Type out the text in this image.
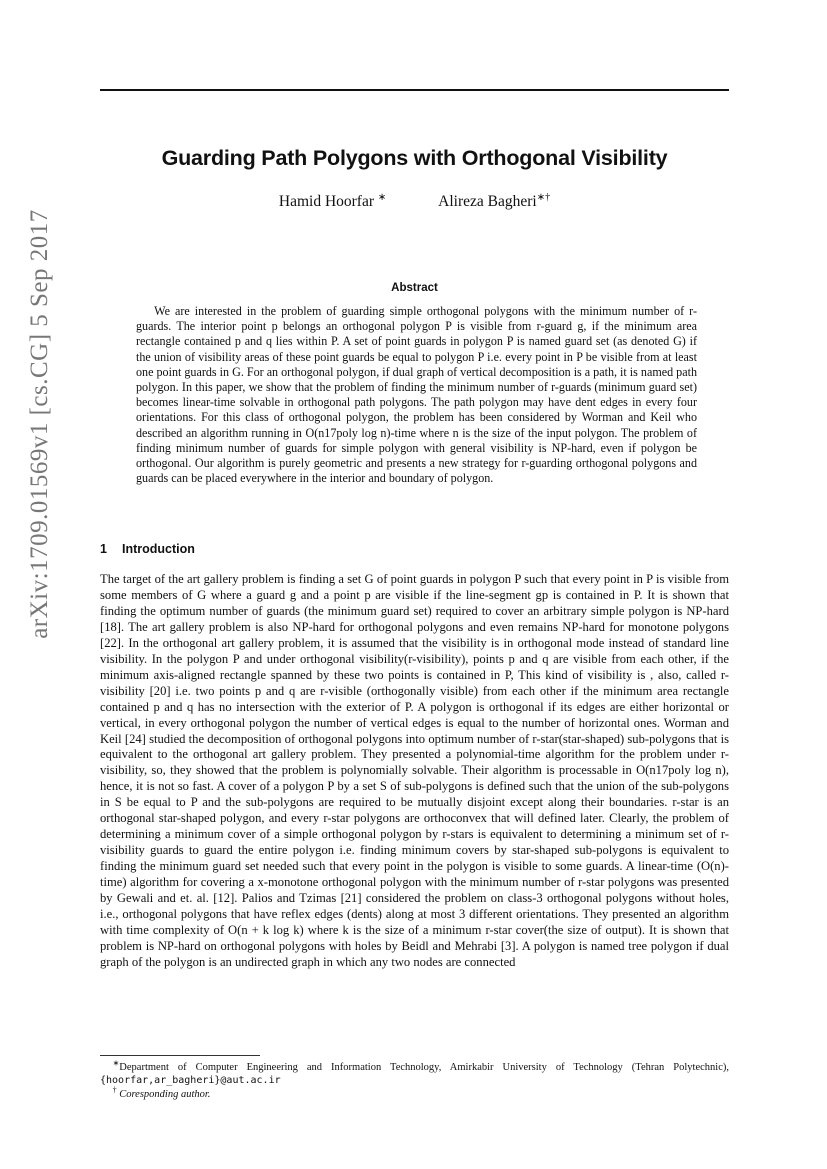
arXiv:1709.01569v1 [cs.CG] 5 Sep 2017
Guarding Path Polygons with Orthogonal Visibility
Hamid Hoorfar ∗	Alireza Bagheri∗†
Abstract

We are interested in the problem of guarding simple orthogonal polygons with the minimum number of r-guards. The interior point p belongs an orthogonal polygon P is visible from r-guard g, if the minimum area rectangle contained p and q lies within P. A set of point guards in polygon P is named guard set (as denoted G) if the union of visibility areas of these point guards be equal to polygon P i.e. every point in P be visible from at least one point guards in G. For an orthogonal polygon, if dual graph of vertical decomposition is a path, it is named path polygon. In this paper, we show that the problem of finding the minimum number of r-guards (minimum guard set) becomes linear-time solvable in orthogonal path polygons. The path polygon may have dent edges in every four orientations. For this class of orthogonal polygon, the problem has been considered by Worman and Keil who described an algorithm running in O(n17poly log n)-time where n is the size of the input polygon. The problem of finding minimum number of guards for simple polygon with general visibility is NP-hard, even if polygon be orthogonal. Our algorithm is purely geometric and presents a new strategy for r-guarding orthogonal polygons and guards can be placed everywhere in the interior and boundary of polygon.

1 Introduction

The target of the art gallery problem is finding a set G of point guards in polygon P such that every point in P is visible from some members of G where a guard g and a point p are visible if the line-segment gp is contained in P. It is shown that finding the optimum number of guards (the minimum guard set) required to cover an arbitrary simple polygon is NP-hard [18]. The art gallery problem is also NP-hard for orthogonal polygons and even remains NP-hard for monotone polygons [22]. In the orthogonal art gallery problem, it is assumed that the visibility is in orthogonal mode instead of standard line visibility. In the polygon P and under orthogonal visibility(r-visibility), points p and q are visible from each other, if the minimum axis-aligned rectangle spanned by these two points is contained in P, This kind of visibility is , also, called r-visibility [20] i.e. two points p and q are r-visible (orthogonally visible) from each other if the minimum area rectangle contained p and q has no intersection with the exterior of P. A polygon is orthogonal if its edges are either horizontal or vertical, in every orthogonal polygon the number of vertical edges is equal to the number of horizontal ones. Worman and Keil [24] studied the decomposition of orthogonal polygons into optimum number of r-star(star-shaped) sub-polygons that is equivalent to the orthogonal art gallery problem. They presented a polynomial-time algorithm for the problem under r-visibility, so, they showed that the problem is polynomially solvable. Their algorithm is processable in O(n17poly log n), hence, it is not so fast. A cover of a polygon P by a set S of sub-polygons is defined such that the union of the sub-polygons in S be equal to P and the sub-polygons are required to be mutually disjoint except along their boundaries. r-star is an orthogonal star-shaped polygon, and every r-star polygons are orthoconvex that will defined later. Clearly, the problem of determining a minimum cover of a simple orthogonal polygon by r-stars is equivalent to determining a minimum set of r-visibility guards to guard the entire polygon i.e. finding minimum covers by star-shaped sub-polygons is equivalent to finding the minimum guard set needed such that every point in the polygon is visible to some guards. A linear-time (O(n)-time) algorithm for covering a x-monotone orthogonal polygon with the minimum number of r-star polygons was presented by Gewali and et. al. [12]. Palios and Tzimas [21] considered the problem on class-3 orthogonal polygons without holes, i.e., orthogonal polygons that have reflex edges (dents) along at most 3 different orientations. They presented an algorithm with time complexity of O(n + k log k) where k is the size of a minimum r-star cover(the size of output). It is shown that problem is NP-hard on orthogonal polygons with holes by Beidl and Mehrabi [3]. A polygon is named tree polygon if dual graph of the polygon is an undirected graph in which any two nodes are connected

∗Department of Computer Engineering and Information Technology, Amirkabir University of Technology (Tehran Polytechnic), {hoorfar,ar_bagheri}@aut.ac.ir

† Coresponding author.
